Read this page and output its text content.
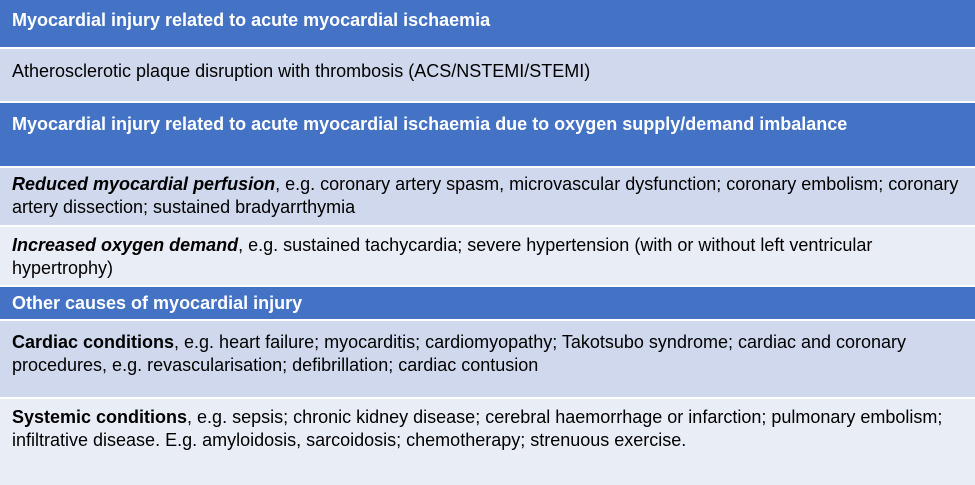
Myocardial injury related to acute myocardial ischaemia
Atherosclerotic plaque disruption with thrombosis (ACS/NSTEMI/STEMI)
Myocardial injury related to acute myocardial ischaemia due to oxygen supply/demand imbalance
Reduced myocardial perfusion, e.g. coronary artery spasm, microvascular dysfunction; coronary embolism; coronary artery dissection; sustained bradyarrthymia
Increased oxygen demand, e.g. sustained tachycardia; severe hypertension (with or without left ventricular hypertrophy)
Other causes of myocardial injury
Cardiac conditions, e.g. heart failure; myocarditis; cardiomyopathy; Takotsubo syndrome; cardiac and coronary procedures, e.g. revascularisation; defibrillation; cardiac contusion
Systemic conditions, e.g. sepsis; chronic kidney disease; cerebral haemorrhage or infarction; pulmonary embolism; infiltrative disease. E.g. amyloidosis, sarcoidosis; chemotherapy; strenuous exercise.
